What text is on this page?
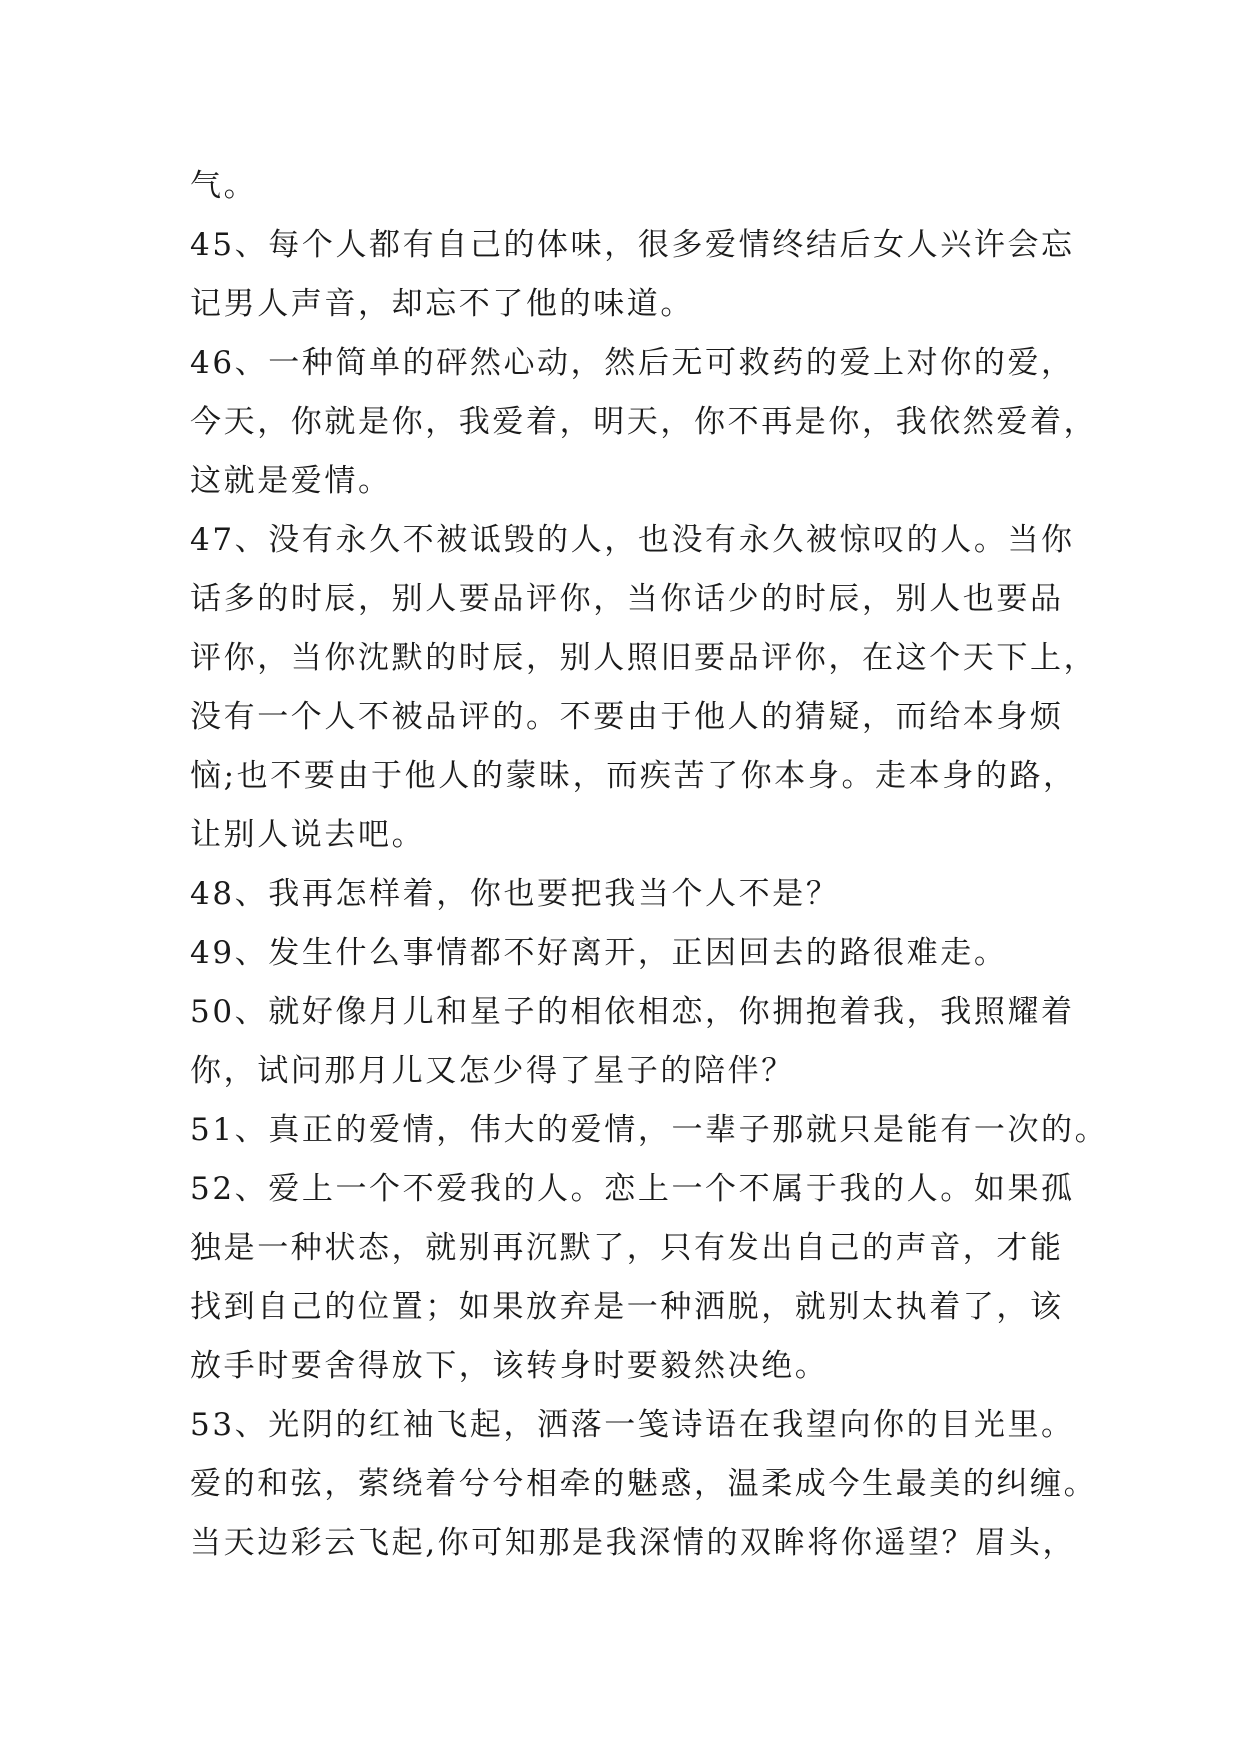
气。
45、每个人都有自己的体味，很多爱情终结后女人兴许会忘
记男人声音，却忘不了他的味道。
46、一种简单的砰然心动，然后无可救药的爱上对你的爱，
今天，你就是你，我爱着，明天，你不再是你，我依然爱着，
这就是爱情。
47、没有永久不被诋毁的人，也没有永久被惊叹的人。当你
话多的时辰，别人要品评你，当你话少的时辰，别人也要品
评你，当你沈默的时辰，别人照旧要品评你，在这个天下上，
没有一个人不被品评的。不要由于他人的猜疑，而给本身烦
恼;也不要由于他人的蒙昧，而疾苦了你本身。走本身的路，
让别人说去吧。
48、我再怎样着，你也要把我当个人不是？
49、发生什么事情都不好离开，正因回去的路很难走。
50、就好像月儿和星子的相依相恋，你拥抱着我，我照耀着
你，试问那月儿又怎少得了星子的陪伴？
51、真正的爱情，伟大的爱情，一辈子那就只是能有一次的。
52、爱上一个不爱我的人。恋上一个不属于我的人。如果孤
独是一种状态，就别再沉默了，只有发出自己的声音，才能
找到自己的位置；如果放弃是一种洒脱，就别太执着了，该
放手时要舍得放下，该转身时要毅然决绝。
53、光阴的红袖飞起，洒落一笺诗语在我望向你的目光里。
爱的和弦，萦绕着兮兮相牵的魅惑，温柔成今生最美的纠缠。
当天边彩云飞起,你可知那是我深情的双眸将你遥望？眉头，
